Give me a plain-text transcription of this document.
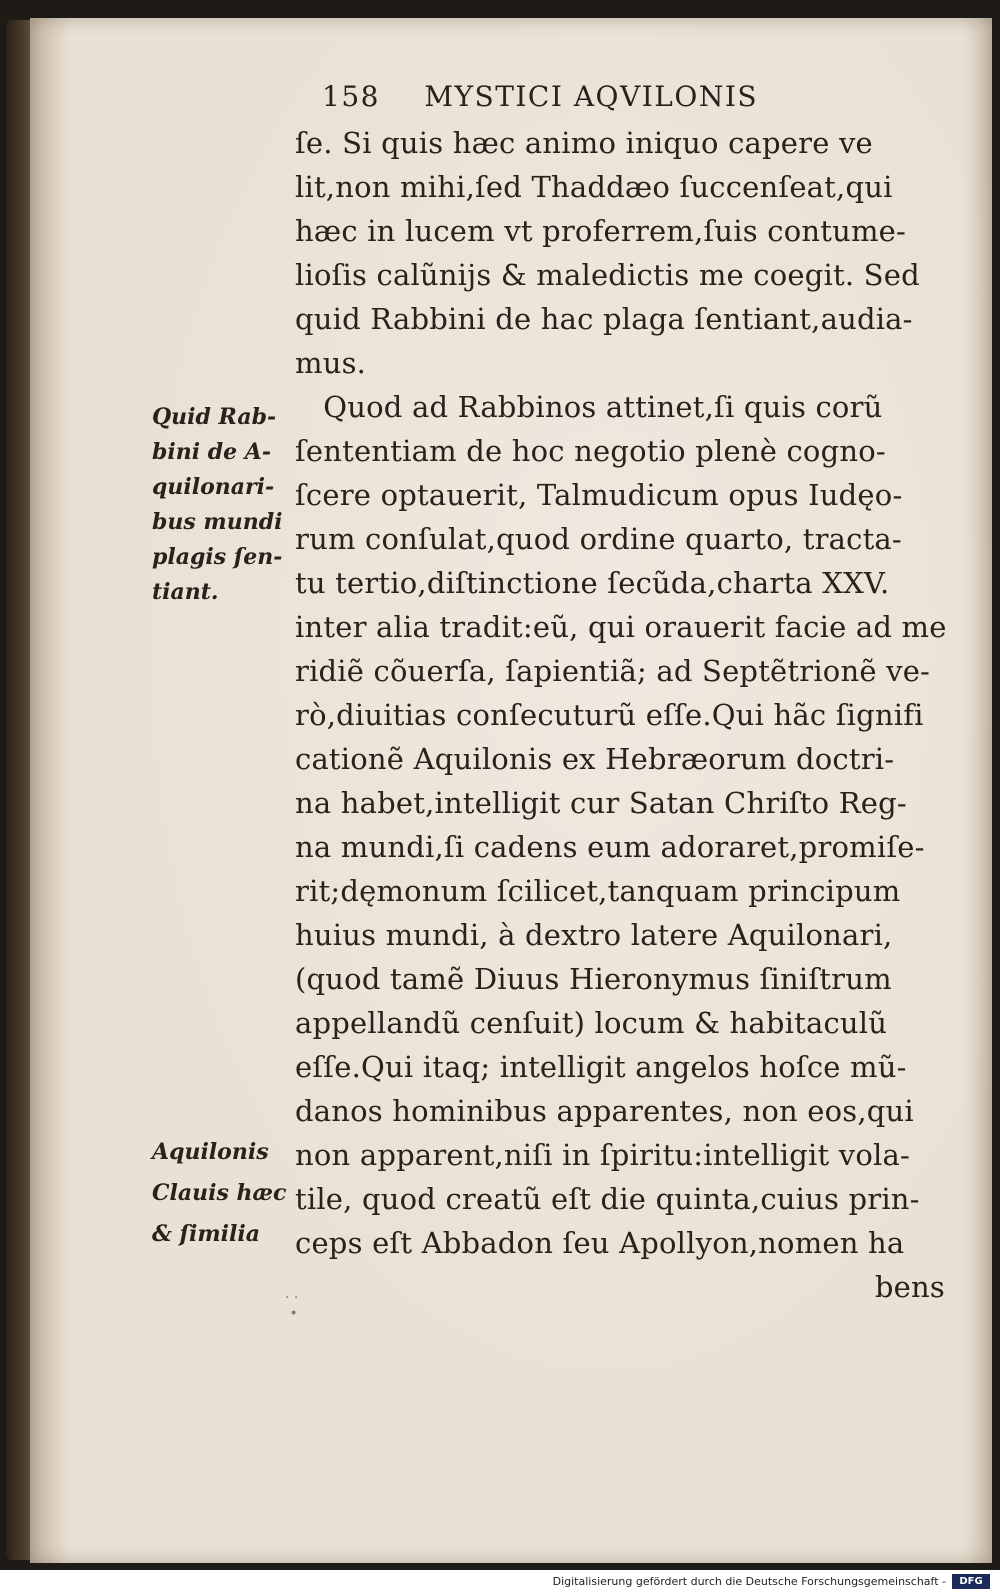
158 MYSTICI AQVILONIS
ſe. Si quis hæc animo iniquo capere ve
lit,non mihi,ſed Thaddæo ſuccenſeat,qui
hæc in lucem vt proferrem,ſuis contume-
lioſis calũnijs & maledictis me coegit. Sed
quid Rabbini de hac plaga ſentiant,audia-
mus.
Quod ad Rabbinos attinet,ſi quis corũ
ſententiam de hoc negotio plenè cogno-
ſcere optauerit, Talmudicum opus Iudęo-
rum conſulat,quod ordine quarto, tracta-
tu tertio,diſtinctione ſecũda,charta XXV.
inter alia tradit:eũ, qui orauerit facie ad me
ridiẽ cõuerſa, ſapientiã; ad Septẽtrionẽ ve-
rò,diuitias conſecuturũ eſſe.Qui hãc ſignifi
cationẽ Aquilonis ex Hebræorum doctri-
na habet,intelligit cur Satan Chriſto Reg-
na mundi,ſi cadens eum adoraret,promiſe-
rit;dęmonum ſcilicet,tanquam principum
huius mundi, à dextro latere Aquilonari,
(quod tamẽ Diuus Hieronymus ſiniſtrum
appellandũ cenſuit) locum & habitaculũ
eſſe.Qui itaq; intelligit angelos hoſce mũ-
danos hominibus apparentes, non eos,qui
non apparent,niſi in ſpiritu:intelligit vola-
tile, quod creatũ eſt die quinta,cuius prin-
ceps eſt Abbadon ſeu Apollyon,nomen ha
bens
Quid Rab-
bini de A-
quilonari-
bus mundi
plagis ſen-
tiant.
Aquilonis
Clauis hæc
& ſimilia
· ·
•
Digitalisierung gefördert durch die Deutsche Forschungsgemeinschaft -	DFG
